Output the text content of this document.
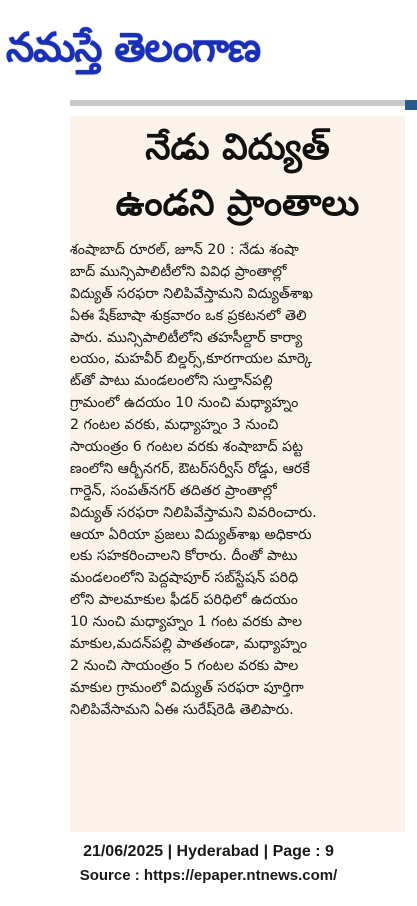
నమస్తే తెలంగాణ
నేడు విద్యుత్
ఉండని ప్రాంతాలు
శంషాబాద్ రూరల్, జూన్ 20 : నేడు శంషా
బాద్ మున్సిపాలిటీలోని వివిధ ప్రాంతాల్లో
విద్యుత్ సరఫరా నిలిపివేస్తామని విద్యుత్‌శాఖ
ఏఈ షేక్‌బాషా శుక్రవారం ఒక ప్రకటనలో తెలి
పారు. మున్సిపాలిటీలోని తహసీల్దార్ కార్యా
లయం, మహవీర్ బిల్డర్స్,కూరగాయల మార్కె
ట్‌తో పాటు మండలంలోని సుల్తాన్‌పల్లి
గ్రామంలో ఉదయం 10 నుంచి మధ్యాహ్నం
2 గంటల వరకు, మధ్యాహ్నం 3 నుంచి
సాయంత్రం 6 గంటల వరకు శంషాబాద్ పట్ట
ణంలోని ఆర్బీనగర్, ఔటర్‌సర్వీస్ రోడ్డు, ఆరకే
గార్డెన్, సంపత్‌నగర్ తదితర ప్రాంతాల్లో
విద్యుత్ సరఫరా నిలిపివేస్తామని వివరించారు.
ఆయా ఏరియా ప్రజలు విద్యుత్‌శాఖ అధికారు
లకు సహకరించాలని కోరారు. దీంతో పాటు
మండలంలోని పెద్దషాపూర్ సబ్‌స్టేషన్ పరిధి
లోని పాలమాకుల ఫీడర్ పరిధిలో ఉదయం
10 నుంచి మధ్యాహ్నం 1 గంట వరకు పాల
మాకుల,మదన్‌పల్లి పాతతండా, మధ్యాహ్నం
2 నుంచి సాయంత్రం 5 గంటల వరకు పాల
మాకుల గ్రామంలో విద్యుత్ సరఫరా పూర్తిగా
నిలిపివేసామని ఏఈ సురేష్‌రెడి తెలిపారు.
21/06/2025 | Hyderabad | Page : 9
Source : https://epaper.ntnews.com/
